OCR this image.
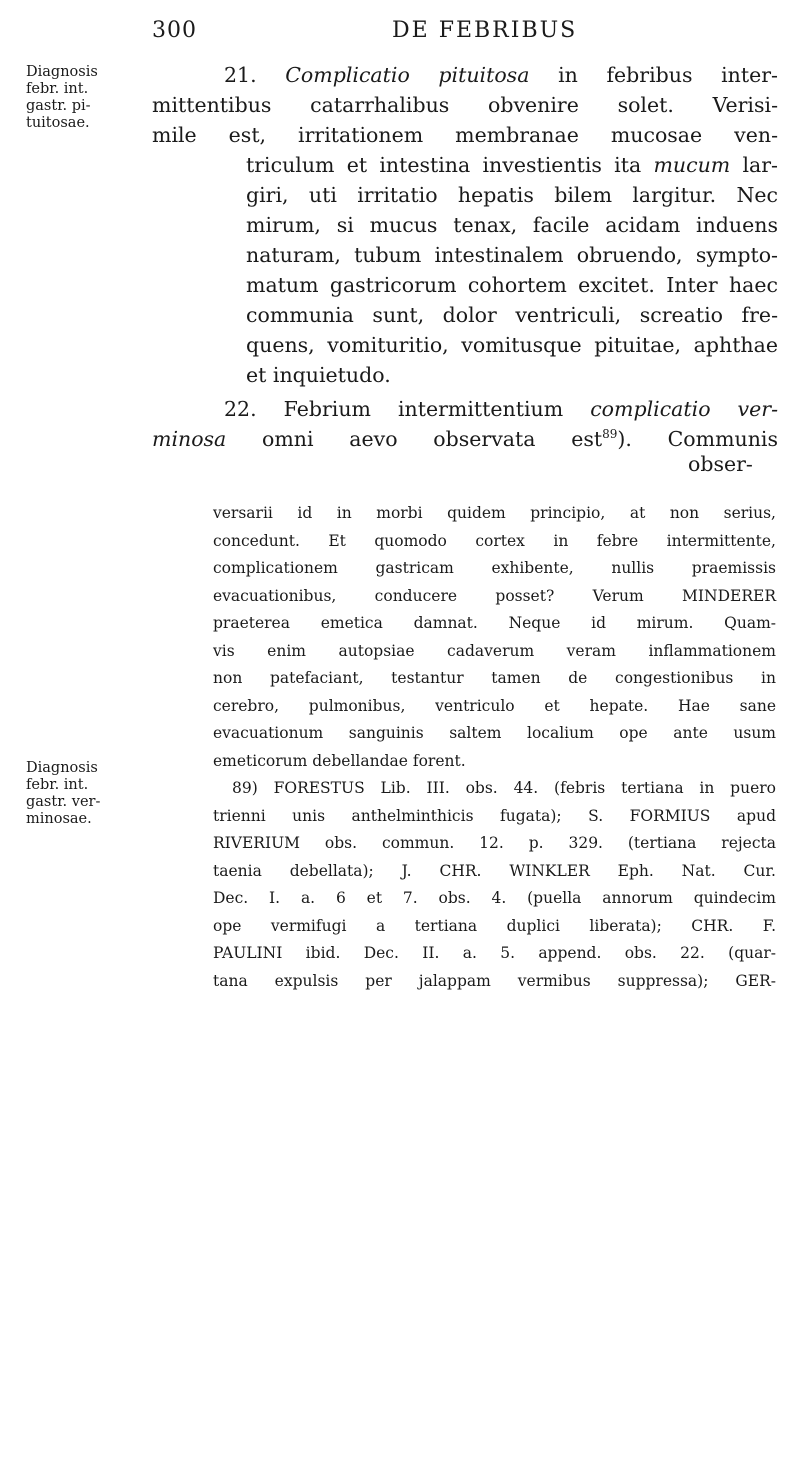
300	DE FEBRIBUS
Diagnosis
febr. int.
gastr. pi-
tuitosae.
Diagnosis
febr. int.
gastr. ver-
minosae.
21. Complicatio pituitosa in febribus inter-
mittentibus catarrhalibus obvenire solet. Verisi-
mile est, irritationem membranae mucosae ven-
triculum et intestina investientis ita mucum lar-
giri, uti irritatio hepatis bilem largitur. Nec
mirum, si mucus tenax, facile acidam induens
naturam, tubum intestinalem obruendo, sympto-
matum gastricorum cohortem excitet. Inter haec
communia sunt, dolor ventriculi, screatio fre-
quens, vomituritio, vomitusque pituitae, aphthae
et inquietudo.
22. Febrium intermittentium complicatio ver-
minosa omni aevo observata est$^{89}$). Communis
obser-
versarii id in morbi quidem principio, at non serius,
concedunt. Et quomodo cortex in febre intermittente,
complicationem gastricam exhibente, nullis praemissis
evacuationibus, conducere posset? Verum MINDERER
praeterea emetica damnat. Neque id mirum. Quam-
vis enim autopsiae cadaverum veram inflammationem
non patefaciant, testantur tamen de congestionibus in
cerebro, pulmonibus, ventriculo et hepate. Hae sane
evacuationum sanguinis saltem localium ope ante usum
emeticorum debellandae forent.
89) FORESTUS Lib. III. obs. 44. (febris tertiana in puero
trienni unis anthelminthicis fugata); S. FORMIUS apud
RIVERIUM obs. commun. 12. p. 329. (tertiana rejecta
taenia debellata); J. CHR. WINKLER Eph. Nat. Cur.
Dec. I. a. 6 et 7. obs. 4. (puella annorum quindecim
ope vermifugi a tertiana duplici liberata); CHR. F.
PAULINI ibid. Dec. II. a. 5. append. obs. 22. (quar-
tana expulsis per jalappam vermibus suppressa); GER-
